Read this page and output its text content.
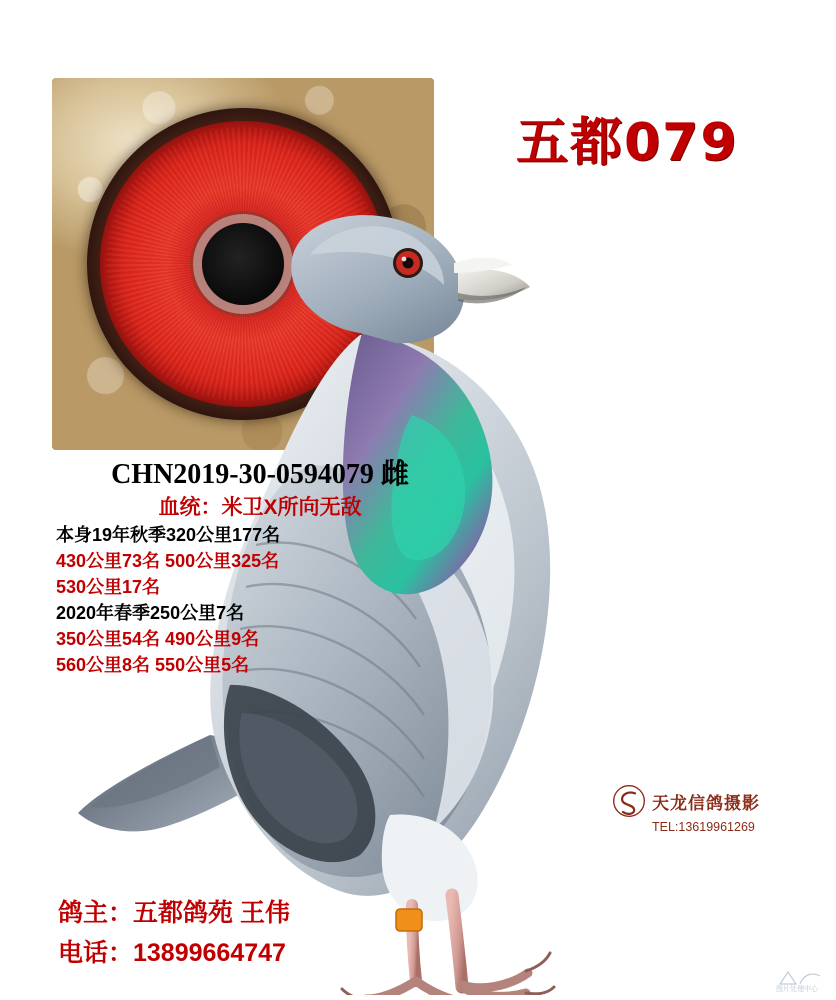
五都079
CHN2019-30-0594079 雌
血统：米卫X所向无敌
本身19年秋季320公里177名
430公里73名 500公里325名
530公里17名
2020年春季250公里7名
350公里54名 490公里9名
560公里8名 550公里5名
天龙信鸽摄影
TEL:13619961269
图片处理中心
鸽主：五都鸽苑 王伟
电话：13899664747
